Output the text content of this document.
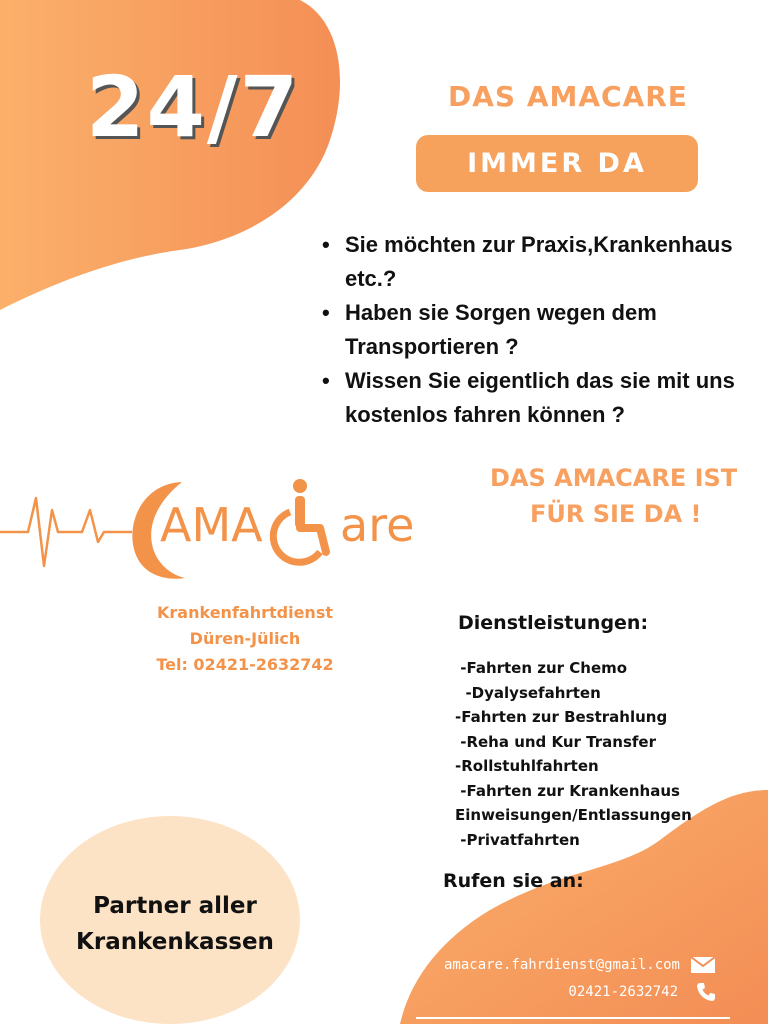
24/7	DAS AMACARE
IMMER DA
• Sie möchten zur Praxis,Krankenhaus etc.?
• Haben sie Sorgen wegen dem Transportieren ?
• Wissen Sie eigentlich das sie mit uns kostenlos fahren können ?
DAS AMACARE IST
FÜR SIE DA !
AMA are
Krankenfahrtdienst
Düren-Jülich
Tel: 02421-2632742
Dienstleistungen:
-Fahrten zur Chemo
-Dyalysefahrten
-Fahrten zur Bestrahlung
-Reha und Kur Transfer
-Rollstuhlfahrten
-Fahrten zur Krankenhaus
Einweisungen/Entlassungen
-Privatfahrten
Rufen sie an:
Partner aller
Krankenkassen
amacare.fahrdienst@gmail.com
02421-2632742
